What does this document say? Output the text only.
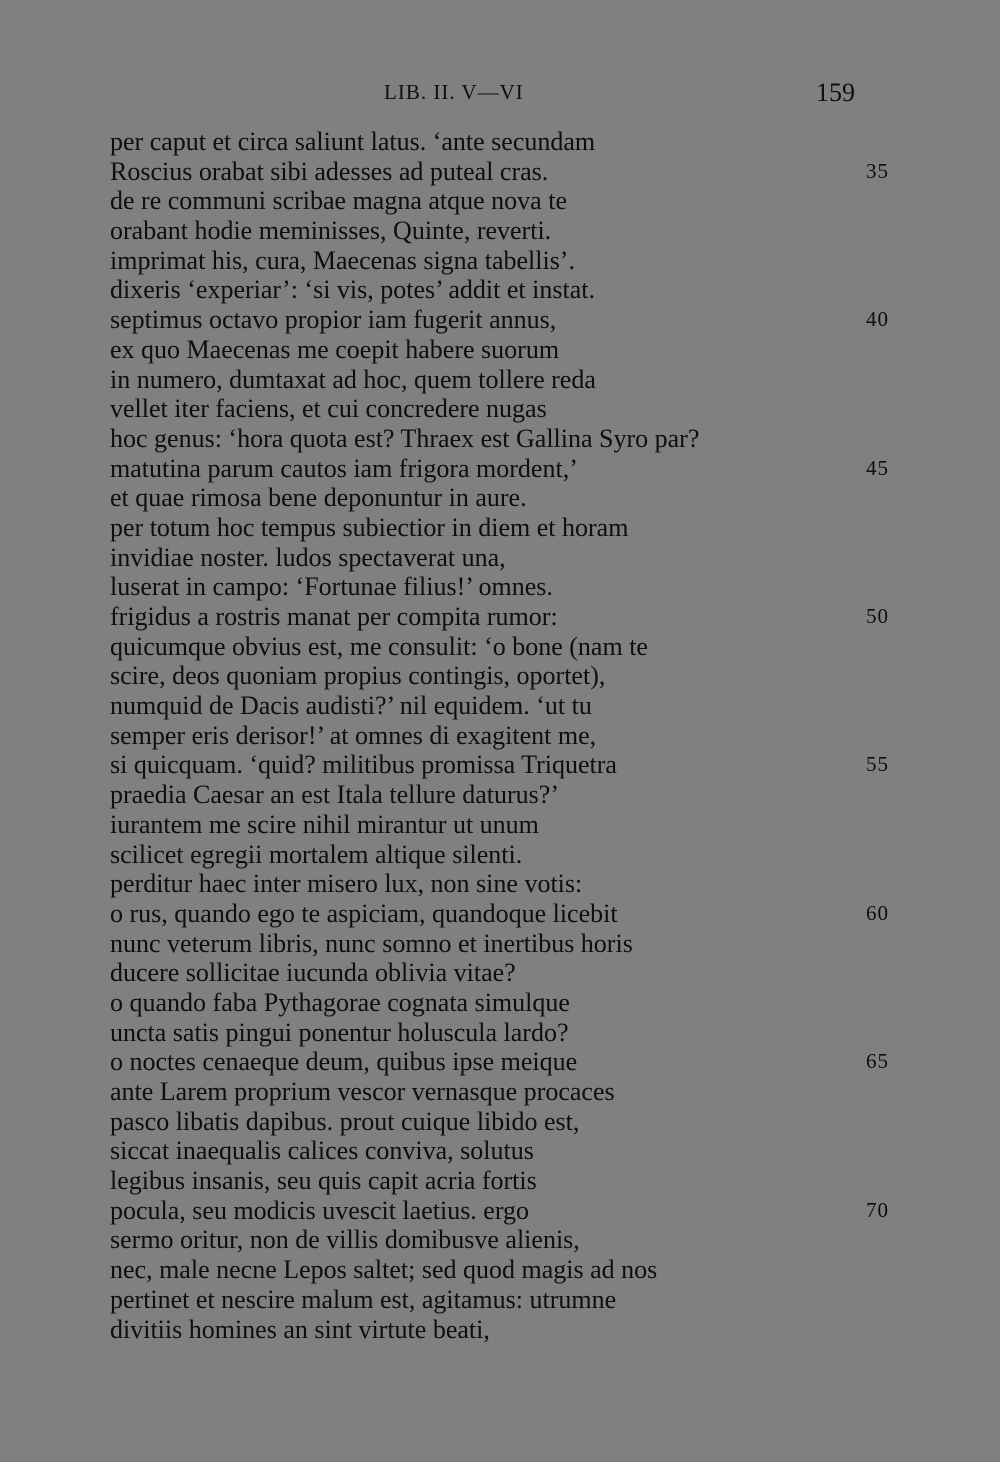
LIB. II. V—VI	159
per caput et circa saliunt latus. ‘ante secundam
Roscius orabat sibi adesses ad puteal cras.	35
de re communi scribae magna atque nova te
orabant hodie meminisses, Quinte, reverti.
imprimat his, cura, Maecenas signa tabellis’.
dixeris ‘experiar’: ‘si vis, potes’ addit et instat.
septimus octavo propior iam fugerit annus,	40
ex quo Maecenas me coepit habere suorum
in numero, dumtaxat ad hoc, quem tollere reda
vellet iter faciens, et cui concredere nugas
hoc genus: ‘hora quota est? Thraex est Gallina Syro par?
matutina parum cautos iam frigora mordent,’	45
et quae rimosa bene deponuntur in aure.
per totum hoc tempus subiectior in diem et horam
invidiae noster. ludos spectaverat una,
luserat in campo: ‘Fortunae filius!’ omnes.
frigidus a rostris manat per compita rumor:	50
quicumque obvius est, me consulit: ‘o bone (nam te
scire, deos quoniam propius contingis, oportet),
numquid de Dacis audisti?’ nil equidem. ‘ut tu
semper eris derisor!’ at omnes di exagitent me,
si quicquam. ‘quid? militibus promissa Triquetra	55
praedia Caesar an est Itala tellure daturus?’
iurantem me scire nihil mirantur ut unum
scilicet egregii mortalem altique silenti.
perditur haec inter misero lux, non sine votis:
o rus, quando ego te aspiciam, quandoque licebit	60
nunc veterum libris, nunc somno et inertibus horis
ducere sollicitae iucunda oblivia vitae?
o quando faba Pythagorae cognata simulque
uncta satis pingui ponentur holuscula lardo?
o noctes cenaeque deum, quibus ipse meique	65
ante Larem proprium vescor vernasque procaces
pasco libatis dapibus. prout cuique libido est,
siccat inaequalis calices conviva, solutus
legibus insanis, seu quis capit acria fortis
pocula, seu modicis uvescit laetius. ergo	70
sermo oritur, non de villis domibusve alienis,
nec, male necne Lepos saltet; sed quod magis ad nos
pertinet et nescire malum est, agitamus: utrumne
divitiis homines an sint virtute beati,
